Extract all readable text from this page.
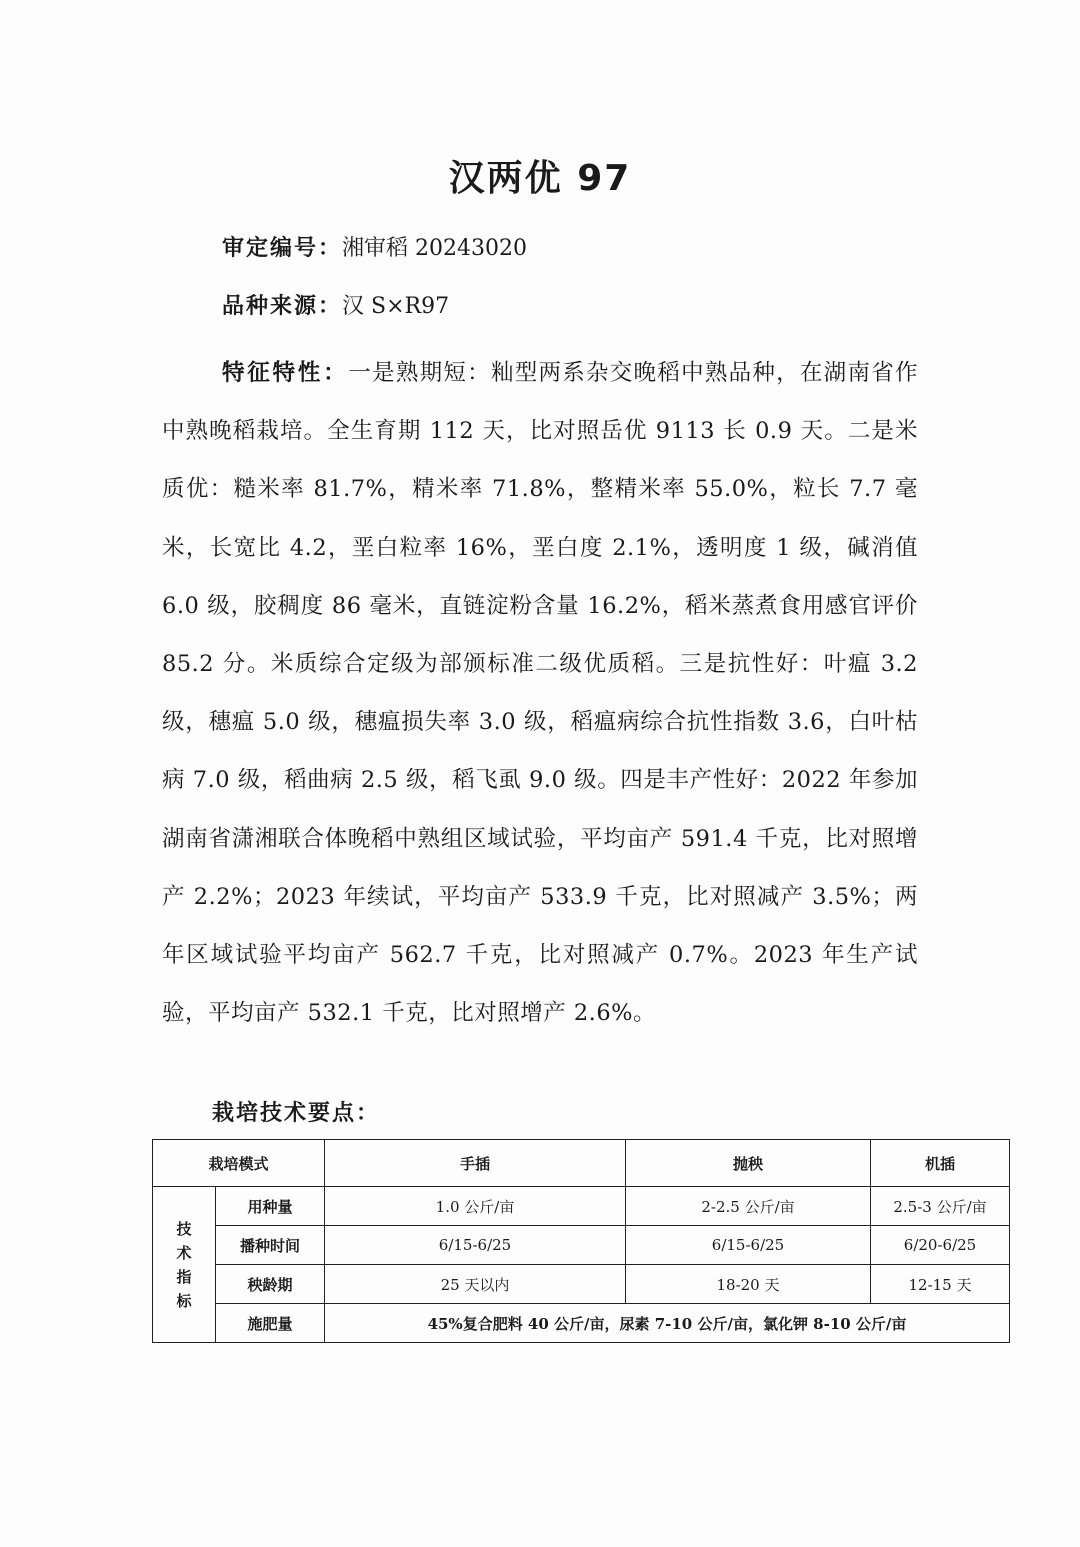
汉两优 97
审定编号：湘审稻 20243020
品种来源：汉 S×R97
特征特性：一是熟期短：籼型两系杂交晚稻中熟品种，在湖南省作中熟晚稻栽培。全生育期 112 天，比对照岳优 9113 长 0.9 天。二是米质优：糙米率 81.7%，精米率 71.8%，整精米率 55.0%，粒长 7.7 毫米，长宽比 4.2，垩白粒率 16%，垩白度 2.1%，透明度 1 级，碱消值 6.0 级，胶稠度 86 毫米，直链淀粉含量 16.2%，稻米蒸煮食用感官评价 85.2 分。米质综合定级为部颁标准二级优质稻。三是抗性好：叶瘟 3.2 级，穗瘟 5.0 级，穗瘟损失率 3.0 级，稻瘟病综合抗性指数 3.6，白叶枯病 7.0 级，稻曲病 2.5 级，稻飞虱 9.0 级。四是丰产性好：2022 年参加湖南省潇湘联合体晚稻中熟组区域试验，平均亩产 591.4 千克，比对照增产 2.2%；2023 年续试，平均亩产 533.9 千克，比对照减产 3.5%；两年区域试验平均亩产 562.7 千克，比对照减产 0.7%。2023 年生产试验，平均亩产 532.1 千克，比对照增产 2.6%。
栽培技术要点：
栽培模式		手插	抛秧	机插

技
术
指
标	用种量	1.0 公斤/亩	2-2.5 公斤/亩	2.5-3 公斤/亩
	播种时间	6/15-6/25	6/15-6/25	6/20-6/25
	秧龄期	25 天以内	18-20 天	12-15 天
	施肥量	45%复合肥料 40 公斤/亩，尿素 7-10 公斤/亩，氯化钾 8-10 公斤/亩		
